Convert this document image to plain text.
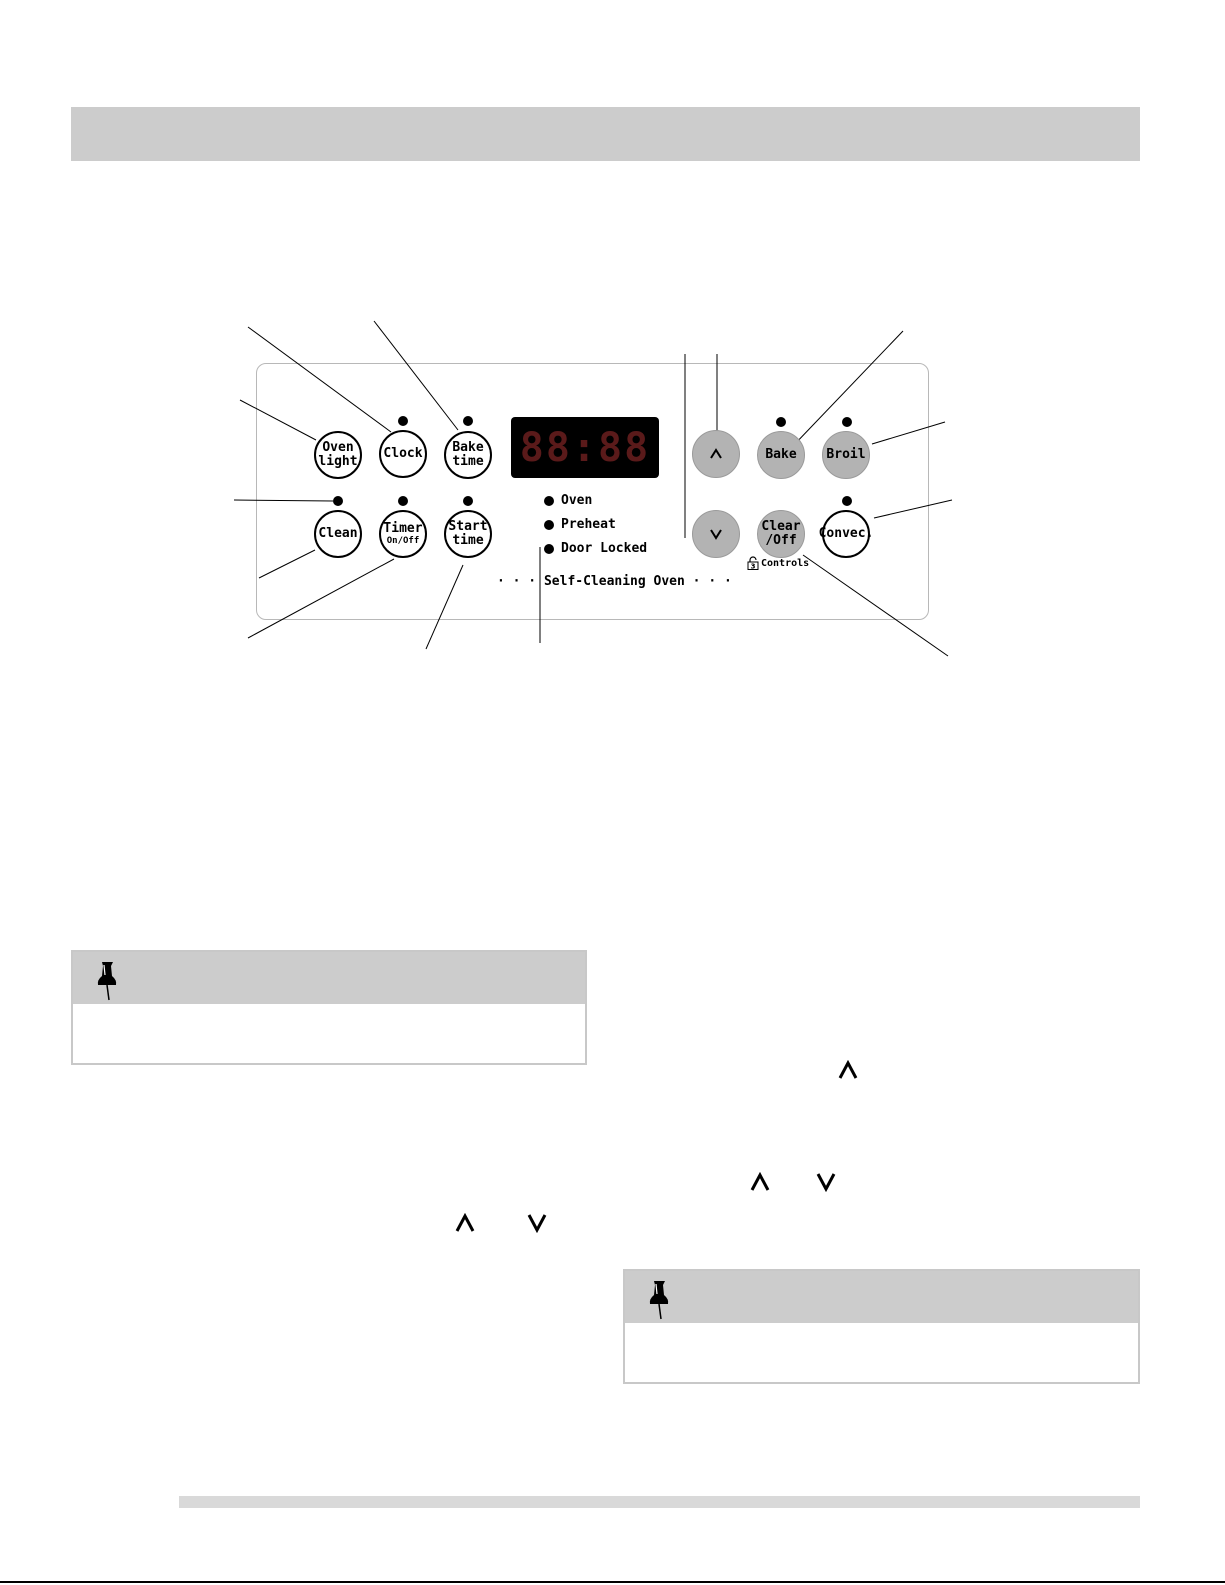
Oven
light
Clock Bake
time
Clean Timer
On/Off
Start
time
88:88
Oven
Preheat
Door Locked
· · · Self-Cleaning Oven · · ·
Bake Broil
Clear
/Off Convec.
3 Controls
